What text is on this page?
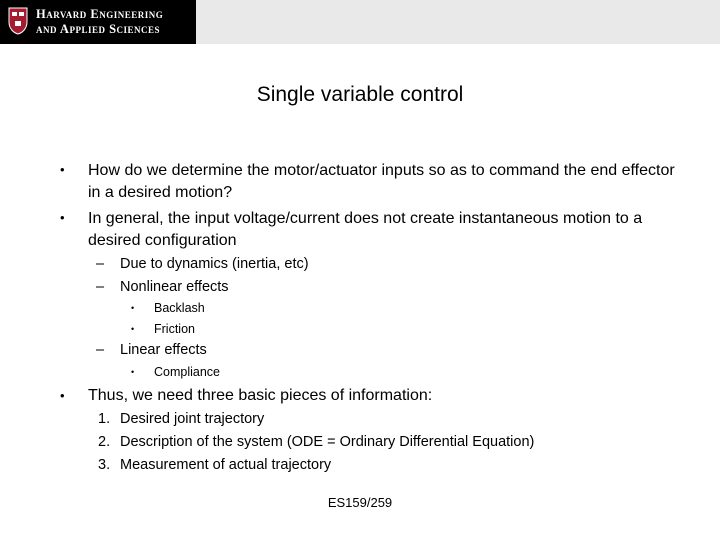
Harvard Engineering
and Applied Sciences
Single variable control
• How do we determine the motor/actuator inputs so as to command the end effector in a desired motion?
• In general, the input voltage/current does not create instantaneous motion to a desired configuration
– Due to dynamics (inertia, etc)
– Nonlinear effects
• Backlash
• Friction
– Linear effects
• Compliance
• Thus, we need three basic pieces of information:
1. Desired joint trajectory
2. Description of the system (ODE = Ordinary Differential Equation)
3. Measurement of actual trajectory
ES159/259
